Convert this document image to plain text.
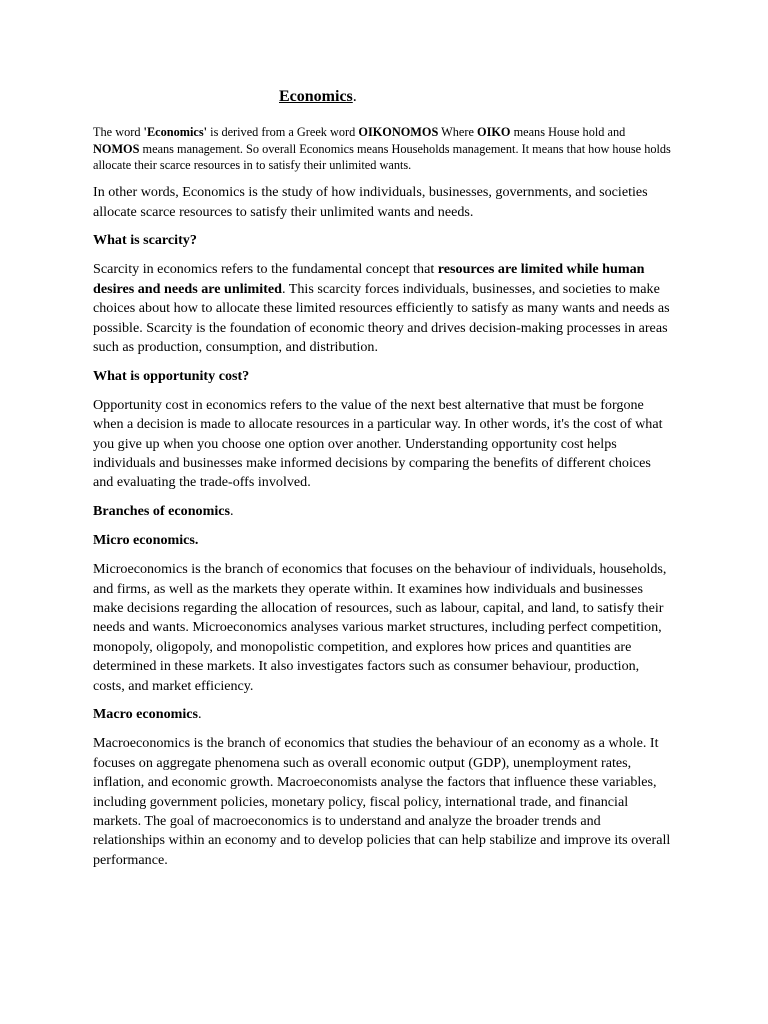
Economics.

The word 'Economics' is derived from a Greek word OIKONOMOS Where OIKO means House hold and NOMOS means management. So overall Economics means Households management. It means that how house holds allocate their scarce resources in to satisfy their unlimited wants.

In other words, Economics is the study of how individuals, businesses, governments, and societies allocate scarce resources to satisfy their unlimited wants and needs.

What is scarcity?

Scarcity in economics refers to the fundamental concept that resources are limited while human desires and needs are unlimited. This scarcity forces individuals, businesses, and societies to make choices about how to allocate these limited resources efficiently to satisfy as many wants and needs as possible. Scarcity is the foundation of economic theory and drives decision-making processes in areas such as production, consumption, and distribution.

What is opportunity cost?

Opportunity cost in economics refers to the value of the next best alternative that must be forgone when a decision is made to allocate resources in a particular way. In other words, it's the cost of what you give up when you choose one option over another. Understanding opportunity cost helps individuals and businesses make informed decisions by comparing the benefits of different choices and evaluating the trade-offs involved.

Branches of economics.
Micro economics.

Microeconomics is the branch of economics that focuses on the behaviour of individuals, households, and firms, as well as the markets they operate within. It examines how individuals and businesses make decisions regarding the allocation of resources, such as labour, capital, and land, to satisfy their needs and wants. Microeconomics analyses various market structures, including perfect competition, monopoly, oligopoly, and monopolistic competition, and explores how prices and quantities are determined in these markets. It also investigates factors such as consumer behaviour, production, costs, and market efficiency.

Macro economics.

Macroeconomics is the branch of economics that studies the behaviour of an economy as a whole. It focuses on aggregate phenomena such as overall economic output (GDP), unemployment rates, inflation, and economic growth. Macroeconomists analyse the factors that influence these variables, including government policies, monetary policy, fiscal policy, international trade, and financial markets. The goal of macroeconomics is to understand and analyze the broader trends and relationships within an economy and to develop policies that can help stabilize and improve its overall performance.
